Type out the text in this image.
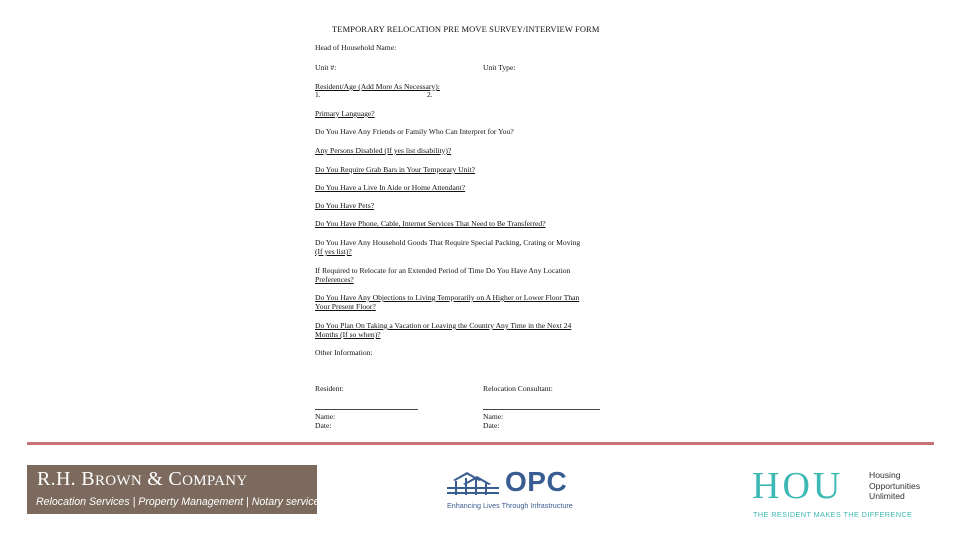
TEMPORARY RELOCATION PRE MOVE SURVEY/INTERVIEW FORM
Head of Household Name:
Unit #:	Unit Type:
Resident/Age (Add More As Necessary):
1.	2.
Primary Language?
Do You Have Any Friends or Family Who Can Interpret for You?
Any Persons Disabled (If yes list disability)?
Do You Require Grab Bars in Your Temporary Unit?
Do You Have a Live In Aide or Home Attendant?
Do You Have Pets?
Do You Have Phone, Cable, Internet Services That Need to Be Transferred?
Do You Have Any Household Goods That Require Special Packing, Crating or Moving
(If yes list)?
If Required to Relocate for an Extended Period of Time Do You Have Any Location
Preferences?
Do You Have Any Objections to Living Temporarily on A Higher or Lower Floor Than
Your Present Floor?
Do You Plan On Taking a Vacation or Leaving the Country Any Time in the Next 24
Months (If so when)?
Other Information:
Resident:	Relocation Consultant:
Name:
Date:
Name:
Date:
R.H. BROWN & COMPANY
Relocation Services | Property Management | Notary services
OPC
Enhancing Lives Through Infrastructure	HOU	Housing
Opportunities
Unlimited
THE RESIDENT MAKES THE DIFFERENCE
